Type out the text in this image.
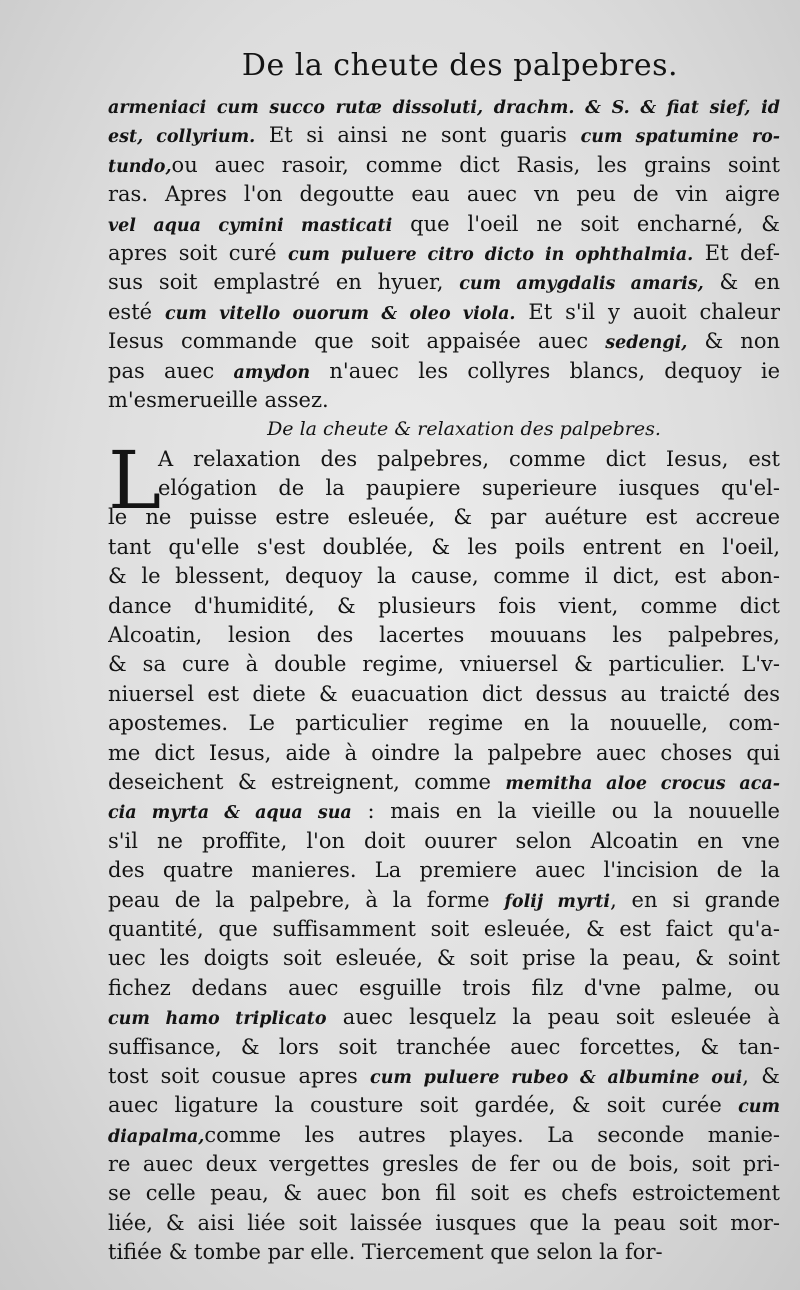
De la cheute des palpebres.
armeniaci cum succo rutæ dissoluti, drachm. & S. & fiat sief, id
est, collyrium. Et si ainsi ne sont guaris cum spatumine ro-
tundo,ou auec rasoir, comme dict Rasis, les grains soint
ras. Apres l'on degoutte eau auec vn peu de vin aigre
vel aqua cymini masticati que l'oeil ne soit encharné, &
apres soit curé cum puluere citro dicto in ophthalmia. Et def-
sus soit emplastré en hyuer, cum amygdalis amaris, & en
esté cum vitello ouorum & oleo viola. Et s'il y auoit chaleur
Iesus commande que soit appaisée auec sedengi, & non
pas auec amydon n'auec les collyres blancs, dequoy ie
m'esmerueille assez.
De la cheute & relaxation des palpebres.
L
A relaxation des palpebres, comme dict Iesus, est
elógation de la paupiere superieure iusques qu'el-
le ne puisse estre esleuée, & par auéture est accreue
tant qu'elle s'est doublée, & les poils entrent en l'oeil,
& le blessent, dequoy la cause, comme il dict, est abon-
dance d'humidité, & plusieurs fois vient, comme dict
Alcoatin, lesion des lacertes mouuans les palpebres,
& sa cure à double regime, vniuersel & particulier. L'v-
niuersel est diete & euacuation dict dessus au traicté des
apostemes. Le particulier regime en la nouuelle, com-
me dict Iesus, aide à oindre la palpebre auec choses qui
deseichent & estreignent, comme memitha aloe crocus aca-
cia myrta & aqua sua : mais en la vieille ou la nouuelle
s'il ne proffite, l'on doit ouurer selon Alcoatin en vne
des quatre manieres. La premiere auec l'incision de la
peau de la palpebre, à la forme folij myrti, en si grande
quantité, que suffisamment soit esleuée, & est faict qu'a-
uec les doigts soit esleuée, & soit prise la peau, & soint
fichez dedans auec esguille trois filz d'vne palme, ou
cum hamo triplicato auec lesquelz la peau soit esleuée à
suffisance, & lors soit tranchée auec forcettes, & tan-
tost soit cousue apres cum puluere rubeo & albumine oui, &
auec ligature la cousture soit gardée, & soit curée cum
diapalma,comme les autres playes. La seconde manie-
re auec deux vergettes gresles de fer ou de bois, soit pri-
se celle peau, & auec bon fil soit es chefs estroictement
liée, & aisi liée soit laissée iusques que la peau soit mor-
tifiée & tombe par elle. Tiercement que selon la for-
